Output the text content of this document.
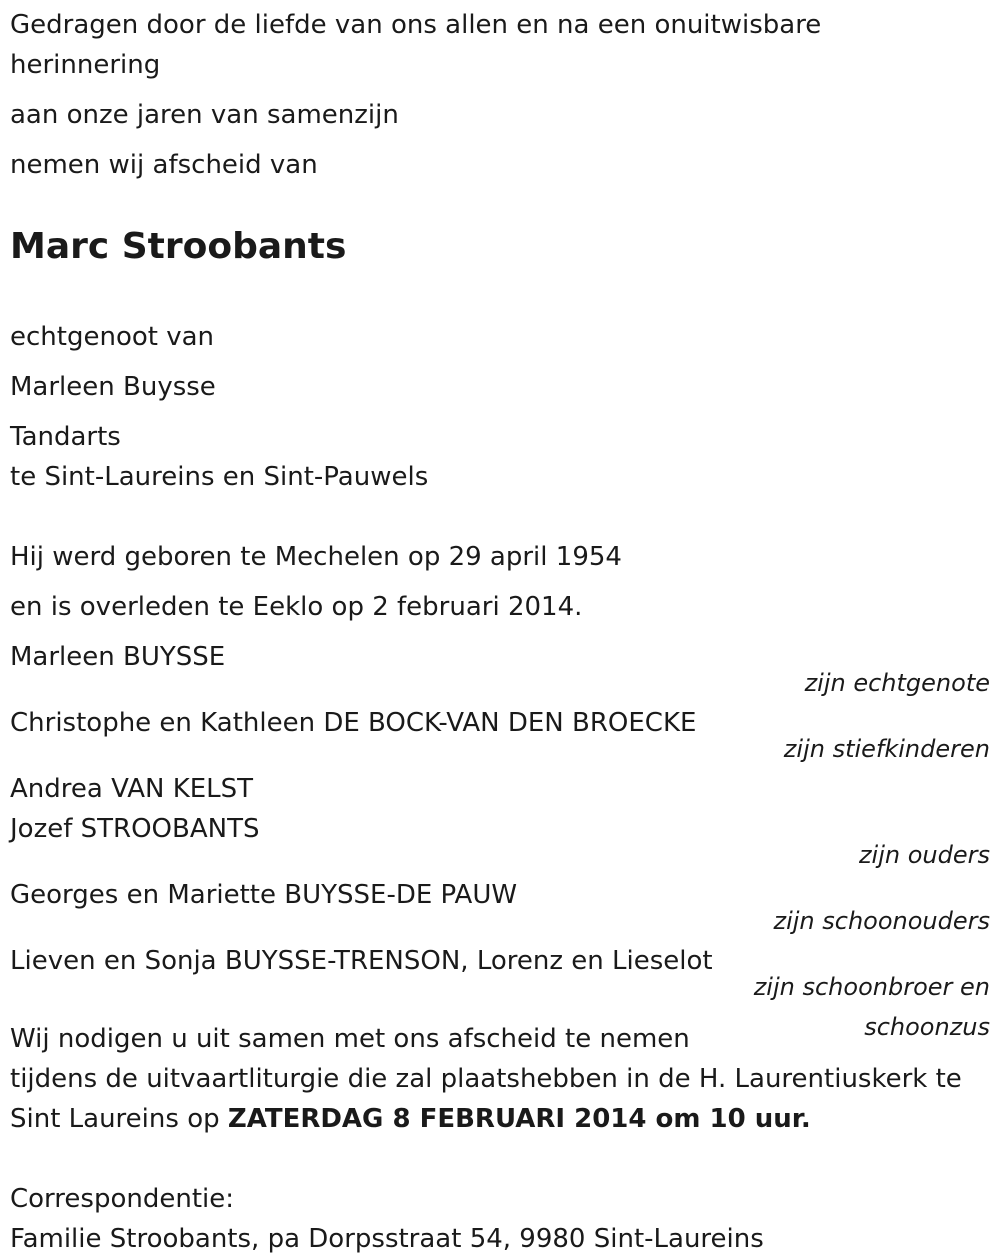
Gedragen door de liefde van ons allen en na een onuitwisbare herinnering
aan onze jaren van samenzijn
nemen wij afscheid van
Marc Stroobants
echtgenoot van
Marleen Buysse
Tandarts
te Sint-Laureins en Sint-Pauwels
Hij werd geboren te Mechelen op 29 april 1954
en is overleden te Eeklo op 2 februari 2014.
Marleen BUYSSE
zijn echtgenote
Christophe en Kathleen DE BOCK-VAN DEN BROECKE
zijn stiefkinderen
Andrea VAN KELST
Jozef STROOBANTS
zijn ouders
Georges en Mariette BUYSSE-DE PAUW
zijn schoonouders
Lieven en Sonja BUYSSE-TRENSON, Lorenz en Lieselot
zijn schoonbroer en schoonzus
Wij nodigen u uit samen met ons afscheid te nemen
tijdens de uitvaartliturgie die zal plaatshebben in de H. Laurentiuskerk te
Sint Laureins op ZATERDAG 8 FEBRUARI 2014 om 10 uur.
Correspondentie:
Familie Stroobants, pa Dorpsstraat 54, 9980 Sint-Laureins
